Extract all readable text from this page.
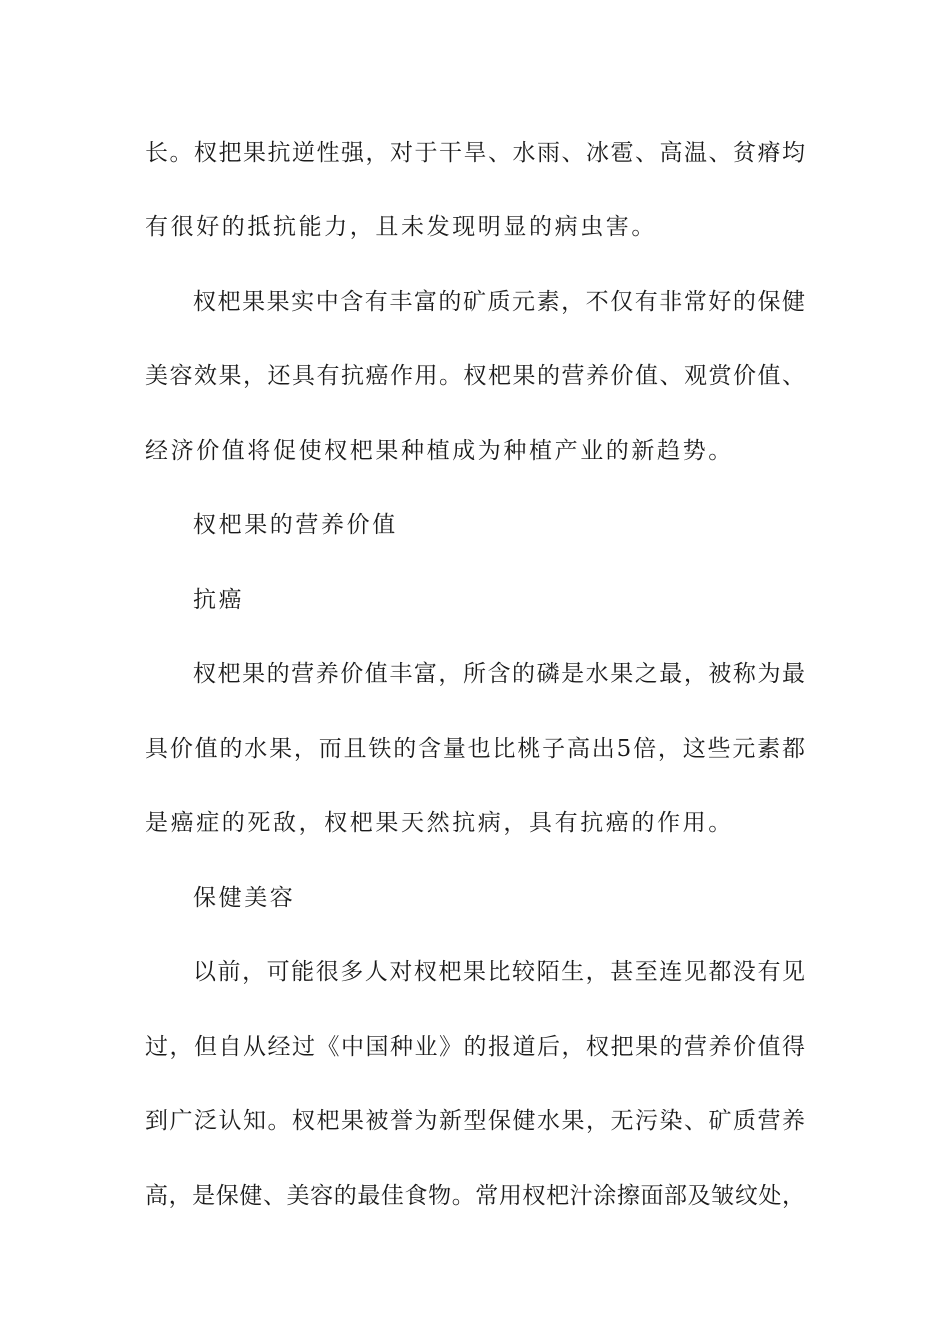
长。杈把果抗逆性强，对于干旱、水雨、冰雹、高温、贫瘠均
有很好的抵抗能力，且未发现明显的病虫害。
杈杷果果实中含有丰富的矿质元素，不仅有非常好的保健
美容效果，还具有抗癌作用。杈杷果的营养价值、观赏价值、
经济价值将促使杈杷果种植成为种植产业的新趋势。
杈杷果的营养价值
抗癌
杈杷果的营养价值丰富，所含的磷是水果之最，被称为最
具价值的水果，而且铁的含量也比桃子高出5倍，这些元素都
是癌症的死敌，杈杷果天然抗病，具有抗癌的作用。
保健美容
以前，可能很多人对杈杷果比较陌生，甚至连见都没有见
过，但自从经过《中国种业》的报道后，杈把果的营养价值得
到广泛认知。杈杷果被誉为新型保健水果，无污染、矿质营养
高，是保健、美容的最佳食物。常用杈杷汁涂擦面部及皱纹处，
